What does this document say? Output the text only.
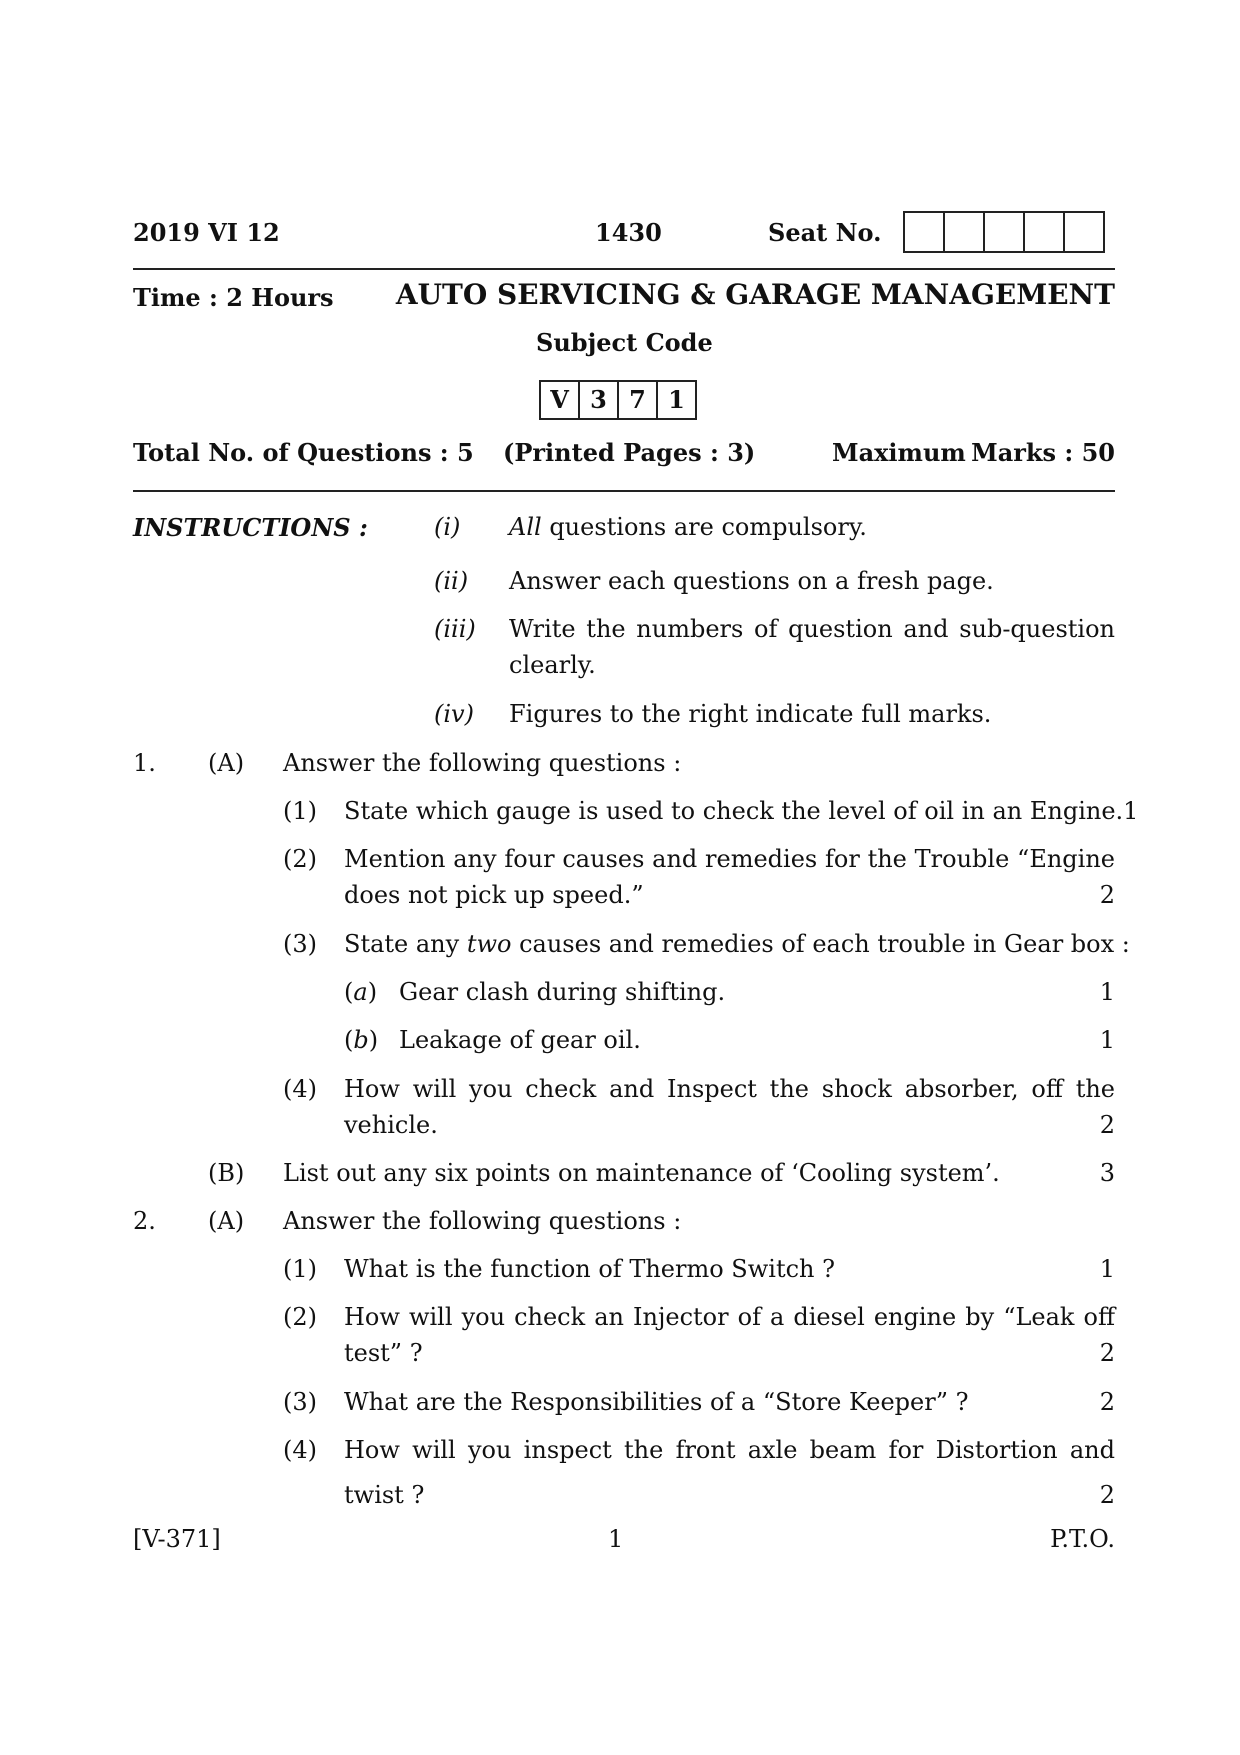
2019 VI 12	1430	Seat No.
Time : 2 Hours AUTO SERVICING & GARAGE MANAGEMENT
Subject Code
V 3 7 1
Total No. of Questions : 5 (Printed Pages : 3)	Maximum Marks : 50
INSTRUCTIONS :	(i) All questions are compulsory.
(ii) Answer each questions on a fresh page.
(iii) Write the numbers of question and sub-question
clearly.
(iv) Figures to the right indicate full marks.
1. (A) Answer the following questions :
(1) State which gauge is used to check the level of oil in an Engine.1
(2) Mention any four causes and remedies for the Trouble “Engine
does not pick up speed.”	2
(3) State any two causes and remedies of each trouble in Gear box :
(a) Gear clash during shifting.	1
(b) Leakage of gear oil.	1
(4) How will you check and Inspect the shock absorber, off the
vehicle.	2
(B) List out any six points on maintenance of ‘Cooling system’.	3
2. (A) Answer the following questions :
(1) What is the function of Thermo Switch ?	1
(2) How will you check an Injector of a diesel engine by “Leak off
test” ?	2
(3) What are the Responsibilities of a “Store Keeper” ?	2
(4) How will you inspect the front axle beam for Distortion and
twist ?	2
[V-371]	1	P.T.O.
